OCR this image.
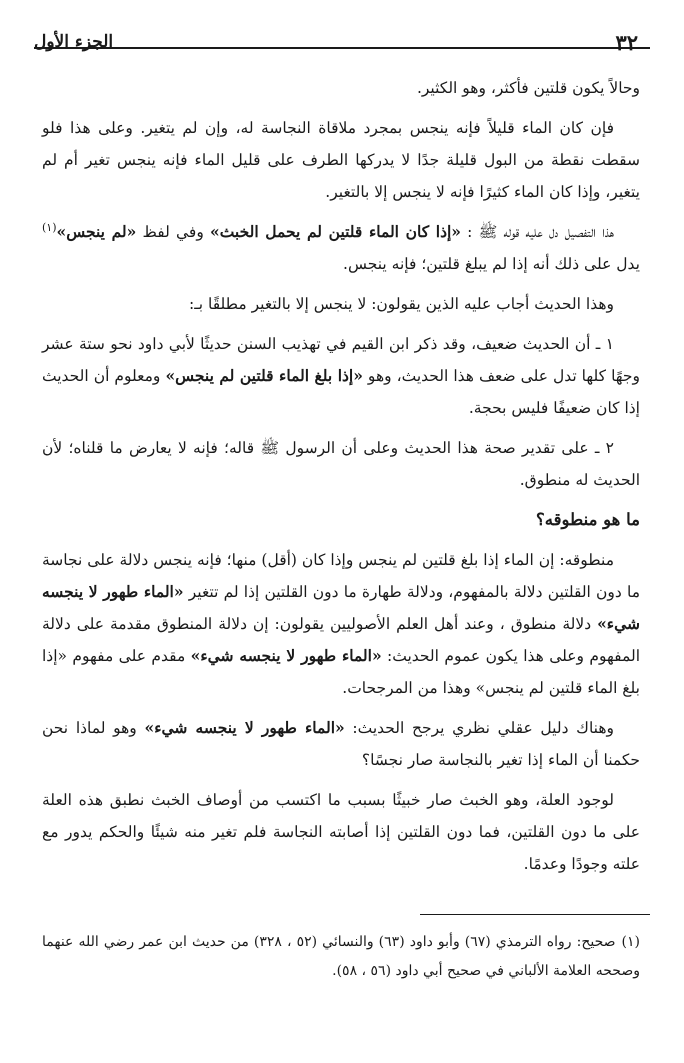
٣٢
الجزء الأول

وحالاً يكون قلتين فأكثر، وهو الكثير.

فإن كان الماء قليلاً فإنه ينجس بمجرد ملاقاة النجاسة له، وإن لم يتغير. وعلى هذا فلو سقطت نقطة من البول قليلة جدًا لا يدركها الطرف على قليل الماء فإنه ينجس تغير أم لم يتغير، وإذا كان الماء كثيرًا فإنه لا ينجس إلا بالتغير.

هذا التفصيل دل عليه قوله ﷺ : «إذا كان الماء قلتين لم يحمل الخبث» وفي لفظ «لم ينجس»$^{(١)}$ يدل على ذلك أنه إذا لم يبلغ قلتين؛ فإنه ينجس.

وهذا الحديث أجاب عليه الذين يقولون: لا ينجس إلا بالتغير مطلقًا بـ:

١ ـ أن الحديث ضعيف، وقد ذكر ابن القيم في تهذيب السنن حديثًا لأبي داود نحو ستة عشر وجهًا كلها تدل على ضعف هذا الحديث، وهو «إذا بلغ الماء قلتين لم ينجس» ومعلوم أن الحديث إذا كان ضعيفًا فليس بحجة.

٢ ـ على تقدير صحة هذا الحديث وعلى أن الرسول ﷺ قاله؛ فإنه لا يعارض ما قلناه؛ لأن الحديث له منطوق.

ما هو منطوقه؟

منطوقه: إن الماء إذا بلغ قلتين لم ينجس وإذا كان (أقل) منها؛ فإنه ينجس دلالة على نجاسة ما دون القلتين دلالة بالمفهوم، ودلالة طهارة ما دون القلتين إذا لم تتغير «الماء طهور لا ينجسه شيء» دلالة منطوق ، وعند أهل العلم الأصوليين يقولون: إن دلالة المنطوق مقدمة على دلالة المفهوم وعلى هذا يكون عموم الحديث: «الماء طهور لا ينجسه شيء» مقدم على مفهوم «إذا بلغ الماء قلتين لم ينجس» وهذا من المرجحات.

وهناك دليل عقلي نظري يرجح الحديث: «الماء طهور لا ينجسه شيء» وهو لماذا نحن حكمنا أن الماء إذا تغير بالنجاسة صار نجسًا؟

لوجود العلة، وهو الخبث صار خبيثًا بسبب ما اكتسب من أوصاف الخبث نطبق هذه العلة على ما دون القلتين، فما دون القلتين إذا أصابته النجاسة فلم تغير منه شيئًا والحكم يدور مع علته وجودًا وعدمًا.

(١)صحيح: رواه الترمذي (٦٧) وأبو داود (٦٣) والنسائي (٥٢ ، ٣٢٨) من حديث ابن عمر رضي الله عنهما وصححه العلامة الألباني في صحيح أبي داود (٥٦ ، ٥٨).
